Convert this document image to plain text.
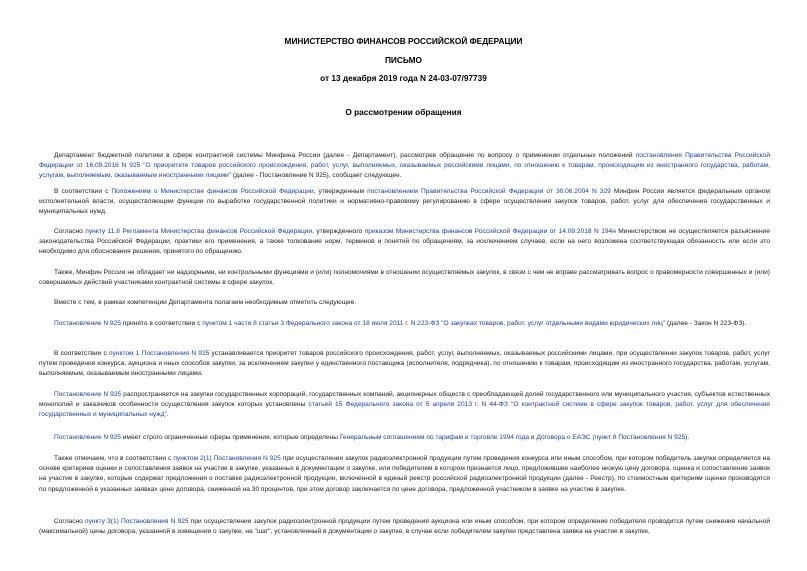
МИНИСТЕРСТВО ФИНАНСОВ РОССИЙСКОЙ ФЕДЕРАЦИИ
ПИСЬМО
от 13 декабря 2019 года N 24-03-07/97739
О рассмотрении обращения
Департамент бюджетной политики в сфере контрактной системы Минфина России (далее - Департамент), рассмотрев обращение по вопросу о применении отдельных положений постановления Правительства Российской Федерации от 16.09.2016 N 925 "О приоритете товаров российского происхождения, работ, услуг, выполняемых, оказываемых российскими лицами, по отношению к товарам, происходящим из иностранного государства, работам, услугам, выполняемым, оказываемым иностранными лицами" (далее - Постановление N 925), сообщает следующее.
В соответствии с Положением о Министерстве финансов Российской Федерации, утвержденным постановлением Правительства Российской Федерации от 30.06.2004 N 329 Минфин России является федеральным органом исполнительной власти, осуществляющим функции по выработке государственной политики и нормативно-правовому регулированию в сфере осуществления закупок товаров, работ, услуг для обеспечения государственных и муниципальных нужд.
Согласно пункту 11.8 Регламента Министерства финансов Российской Федерации, утвержденного приказом Министерства финансов Российской Федерации от 14.09.2018 N 194н Министерством не осуществляется разъяснение законодательства Российской Федерации, практики его применения, а также толкование норм, терминов и понятий по обращениям, за исключением случаев, если на него возложена соответствующая обязанность или если это необходимо для обоснования решения, принятого по обращению.
Также, Минфин России не обладает ни надзорными, ни контрольными функциями и (или) полномочиями в отношении осуществляемых закупок, в связи с чем не вправе рассматривать вопрос о правомерности совершенных и (или) совершаемых действий участниками контрактной системы в сфере закупок.
Вместе с тем, в рамках компетенции Департамента полагаем необходимым отметить следующее.
Постановление N 925 принято в соответствии с пунктом 1 части 8 статьи 3 Федерального закона от 18 июля 2011 г. N 223-ФЗ "О закупках товаров, работ, услуг отдельными видами юридических лиц" (далее - Закон N 223-ФЗ).
В соответствии с пунктом 1 Постановления N 925 устанавливается приоритет товаров российского происхождения, работ, услуг, выполняемых, оказываемых российскими лицами, при осуществлении закупок товаров, работ, услуг путем проведения конкурса, аукциона и иных способов закупки, за исключением закупки у единственного поставщика (исполнителя, подрядчика), по отношению к товарам, происходящим из иностранного государства, работам, услугам, выполняемым, оказываемым иностранными лицами.
Постановление N 925 распространяется на закупки государственных корпораций, государственных компаний, акционерных обществ с преобладающей долей государственного или муниципального участия, субъектов естественных монополий и заказчиков особенности осуществления закупок которых установлены статьей 15 Федерального закона от 5 апреля 2013 г. N 44-ФЗ "О контрактной системе в сфере закупок товаров, работ, услуг для обеспечения государственных и муниципальных нужд".
Постановление N 925 имеет строго ограниченные сферы применения, которые определены Генеральным соглашением по тарифам и торговле 1994 года и Договора о ЕАЭС (пункт 8 Постановления N 925).
Также отмечаем, что в соответствии с пунктом 2(1) Постановления N 925 при осуществлении закупок радиоэлектронной продукции путем проведения конкурса или иным способом, при котором победитель закупки определяется на основе критериев оценки и сопоставления заявок на участие в закупке, указанных в документации о закупке, или победителем в котором признается лицо, предложившее наиболее низкую цену договора, оценка и сопоставление заявок на участие в закупке, которые содержат предложения о поставке радиоэлектронной продукции, включенной в единый реестр российской радиоэлектронной продукции (далее - Реестр), по стоимостным критериям оценки производятся по предложенной в указанных заявках цене договора, сниженной на 30 процентов, при этом договор заключается по цене договора, предложенной участником в заявке на участие в закупке.
Согласно пункту 3(1) Постановления N 925 при осуществлении закупок радиоэлектронной продукции путем проведения аукциона или иным способом, при котором определение победителя проводится путем снижения начальной (максимальной) цены договора, указанной в извещении о закупке, на "шаг", установленный в документации о закупке, в случае если победителем закупки представлена заявка на участие в закупке,
